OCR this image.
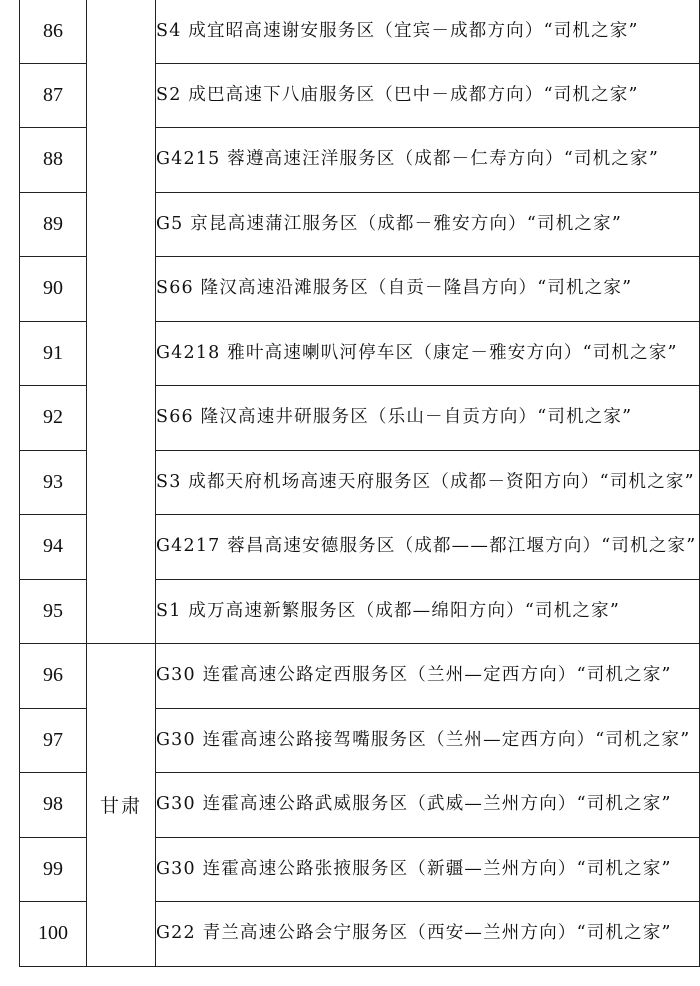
86		S4 成宜昭高速谢安服务区（宜宾－成都方向）“司机之家”
87		S2 成巴高速下八庙服务区（巴中－成都方向）“司机之家”
88		G4215 蓉遵高速汪洋服务区（成都－仁寿方向）“司机之家”
89		G5 京昆高速蒲江服务区（成都－雅安方向）“司机之家”
90		S66 隆汉高速沿滩服务区（自贡－隆昌方向）“司机之家”
91		G4218 雅叶高速喇叭河停车区（康定－雅安方向）“司机之家”
92		S66 隆汉高速井研服务区（乐山－自贡方向）“司机之家”
93		S3 成都天府机场高速天府服务区（成都－资阳方向）“司机之家”
94		G4217 蓉昌高速安德服务区（成都——都江堰方向）“司机之家”
95		S1 成万高速新繁服务区（成都—绵阳方向）“司机之家”
96	甘肃	G30 连霍高速公路定西服务区（兰州—定西方向）“司机之家”
97		G30 连霍高速公路接驾嘴服务区（兰州—定西方向）“司机之家”
98		G30 连霍高速公路武威服务区（武威—兰州方向）“司机之家”
99		G30 连霍高速公路张掖服务区（新疆—兰州方向）“司机之家”
100		G22 青兰高速公路会宁服务区（西安—兰州方向）“司机之家”
